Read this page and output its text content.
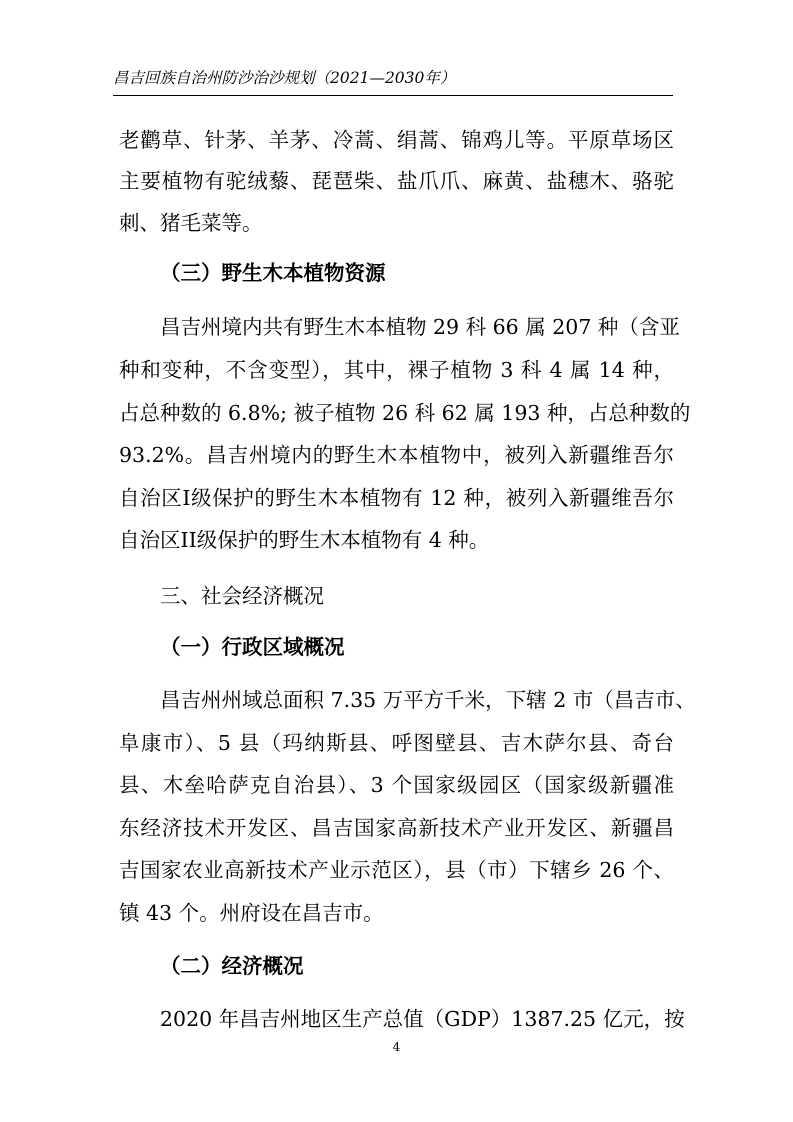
昌吉回族自治州防沙治沙规划（2021—2030年）
老鹳草、针茅、羊茅、冷蒿、绢蒿、锦鸡儿等。平原草场区
主要植物有驼绒藜、琵琶柴、盐爪爪、麻黄、盐穗木、骆驼
刺、猪毛菜等。
（三）野生木本植物资源
昌吉州境内共有野生木本植物 29 科 66 属 207 种（含亚
种和变种，不含变型），其中，裸子植物 3 科 4 属 14 种，
占总种数的 6.8%; 被子植物 26 科 62 属 193 种，占总种数的
93.2%。昌吉州境内的野生木本植物中，被列入新疆维吾尔
自治区I级保护的野生木本植物有 12 种，被列入新疆维吾尔
自治区II级保护的野生木本植物有 4 种。
三、社会经济概况
（一）行政区域概况
昌吉州州域总面积 7.35 万平方千米，下辖 2 市（昌吉市、
阜康市）、5 县（玛纳斯县、呼图壁县、吉木萨尔县、奇台
县、木垒哈萨克自治县）、3 个国家级园区（国家级新疆准
东经济技术开发区、昌吉国家高新技术产业开发区、新疆昌
吉国家农业高新技术产业示范区），县（市）下辖乡 26 个、
镇 43 个。州府设在昌吉市。
（二）经济概况
2020 年昌吉州地区生产总值（GDP）1387.25 亿元，按
4
